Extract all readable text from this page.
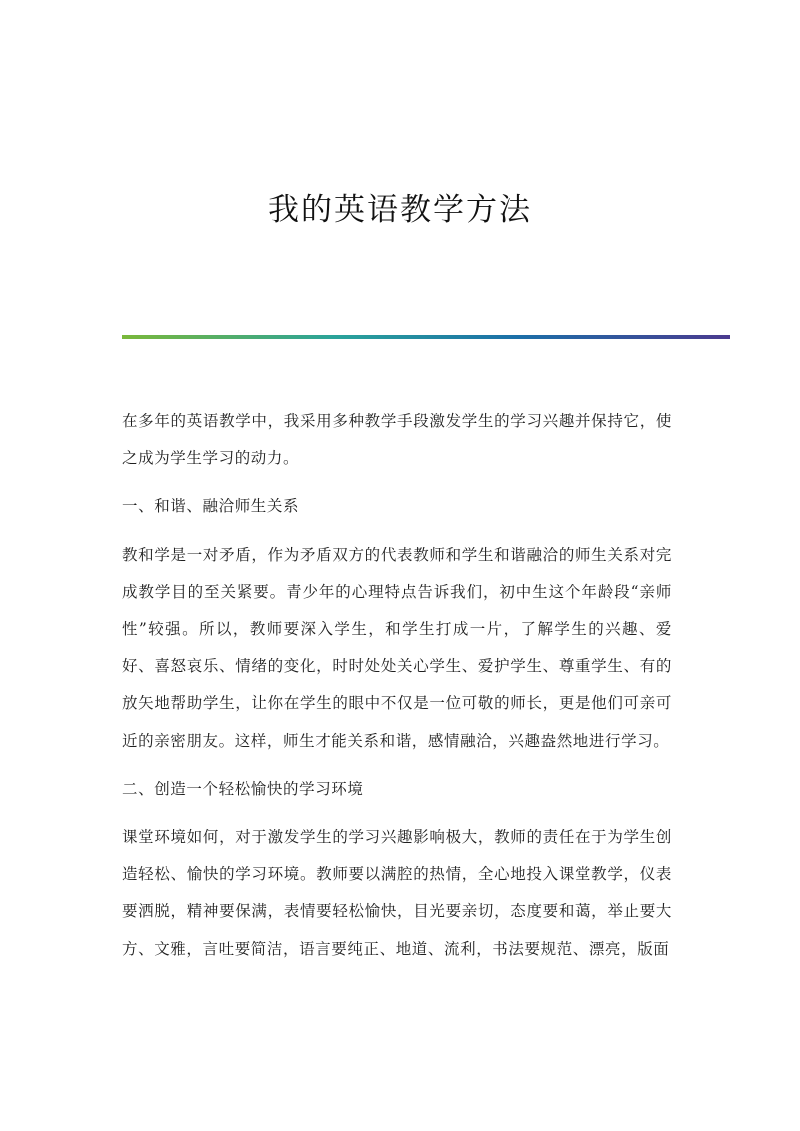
我的英语教学方法

在多年的英语教学中，我采用多种教学手段激发学生的学习兴趣并保持它，使之成为学生学习的动力。

一、和谐、融洽师生关系

教和学是一对矛盾，作为矛盾双方的代表教师和学生和谐融洽的师生关系对完成教学目的至关紧要。青少年的心理特点告诉我们，初中生这个年龄段“亲师性”较强。所以，教师要深入学生，和学生打成一片，了解学生的兴趣、爱好、喜怒哀乐、情绪的变化，时时处处关心学生、爱护学生、尊重学生、有的放矢地帮助学生，让你在学生的眼中不仅是一位可敬的师长，更是他们可亲可近的亲密朋友。这样，师生才能关系和谐，感情融洽，兴趣盎然地进行学习。

二、创造一个轻松愉快的学习环境

课堂环境如何，对于激发学生的学习兴趣影响极大，教师的责任在于为学生创造轻松、愉快的学习环境。教师要以满腔的热情，全心地投入课堂教学，仪表要洒脱，精神要保满，表情要轻松愉快，目光要亲切，态度要和蔼，举止要大方、文雅，言吐要简洁，语言要纯正、地道、流利，书法要规范、漂亮，版面
